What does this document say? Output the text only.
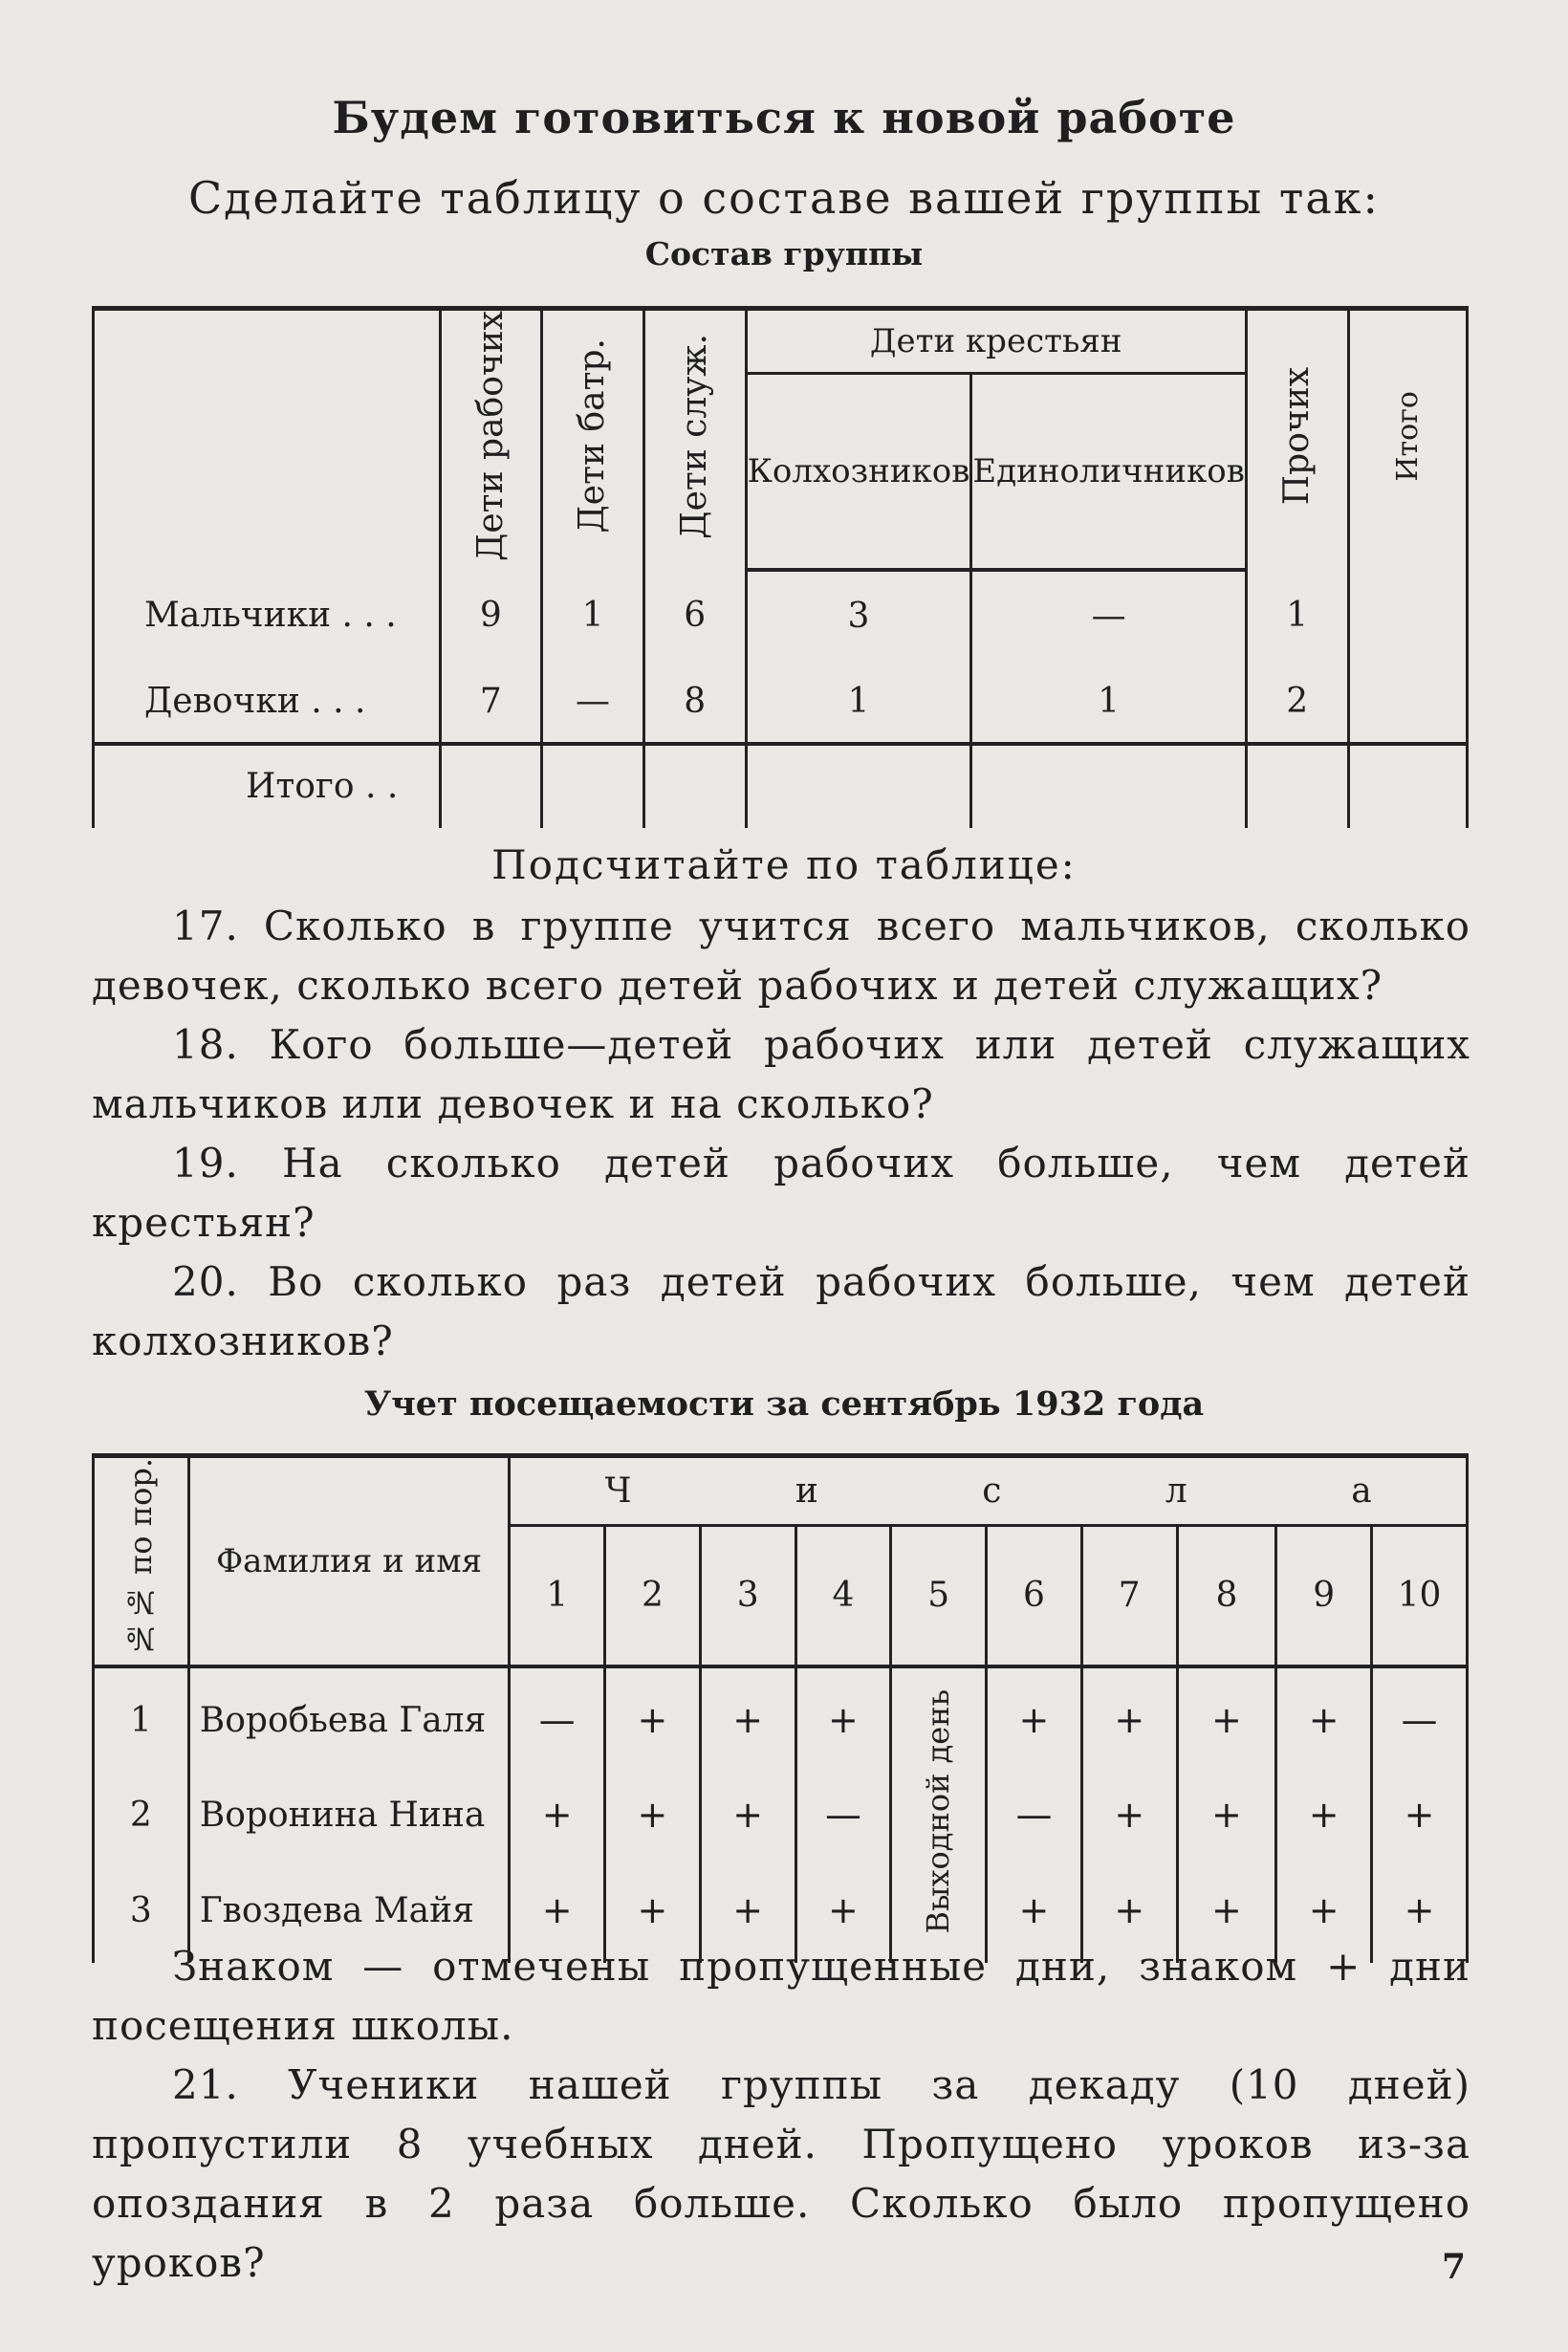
Будем готовиться к новой работе
Сделайте таблицу о составе вашей группы так:
Состав группы
	Дети рабочих	Дети батр.	Дети служ.	Дети крестьян		Прочих	Итого
				Колхозников	Единоличников		
Мальчики . . .	9	1	6	3	—	1	
Девочки . . .	7	—	8	1	1	2	
Итого . .							
Подсчитайте по таблице:
17. Сколько в группе учится всего мальчиков, сколько девочек, сколько всего детей рабочих и детей служащих?
18. Кого больше—детей рабочих или детей служащих мальчиков или девочек и на сколько?
19. На сколько детей рабочих больше, чем детей крестьян?
20. Во сколько раз детей рабочих больше, чем детей колхозников?
Учет посещаемости за сентябрь 1932 года
№№ по пор.	Фамилия и имя	Ч и с л а									
		1	2	3	4	5	6	7	8	9	10
1	Воробьева Галя	—	+	+	+	Выходной день	+	+	+	+	—
2	Воронина Нина	+	+	+	—		—	+	+	+	+
3	Гвоздева Майя	+	+	+	+		+	+	+	+	+
Знаком — отмечены пропущенные дни, знаком + дни посещения школы.
21. Ученики нашей группы за декаду (10 дней) пропустили 8 учебных дней. Пропущено уроков из-за опоздания в 2 раза больше. Сколько было пропущено уроков?	7
